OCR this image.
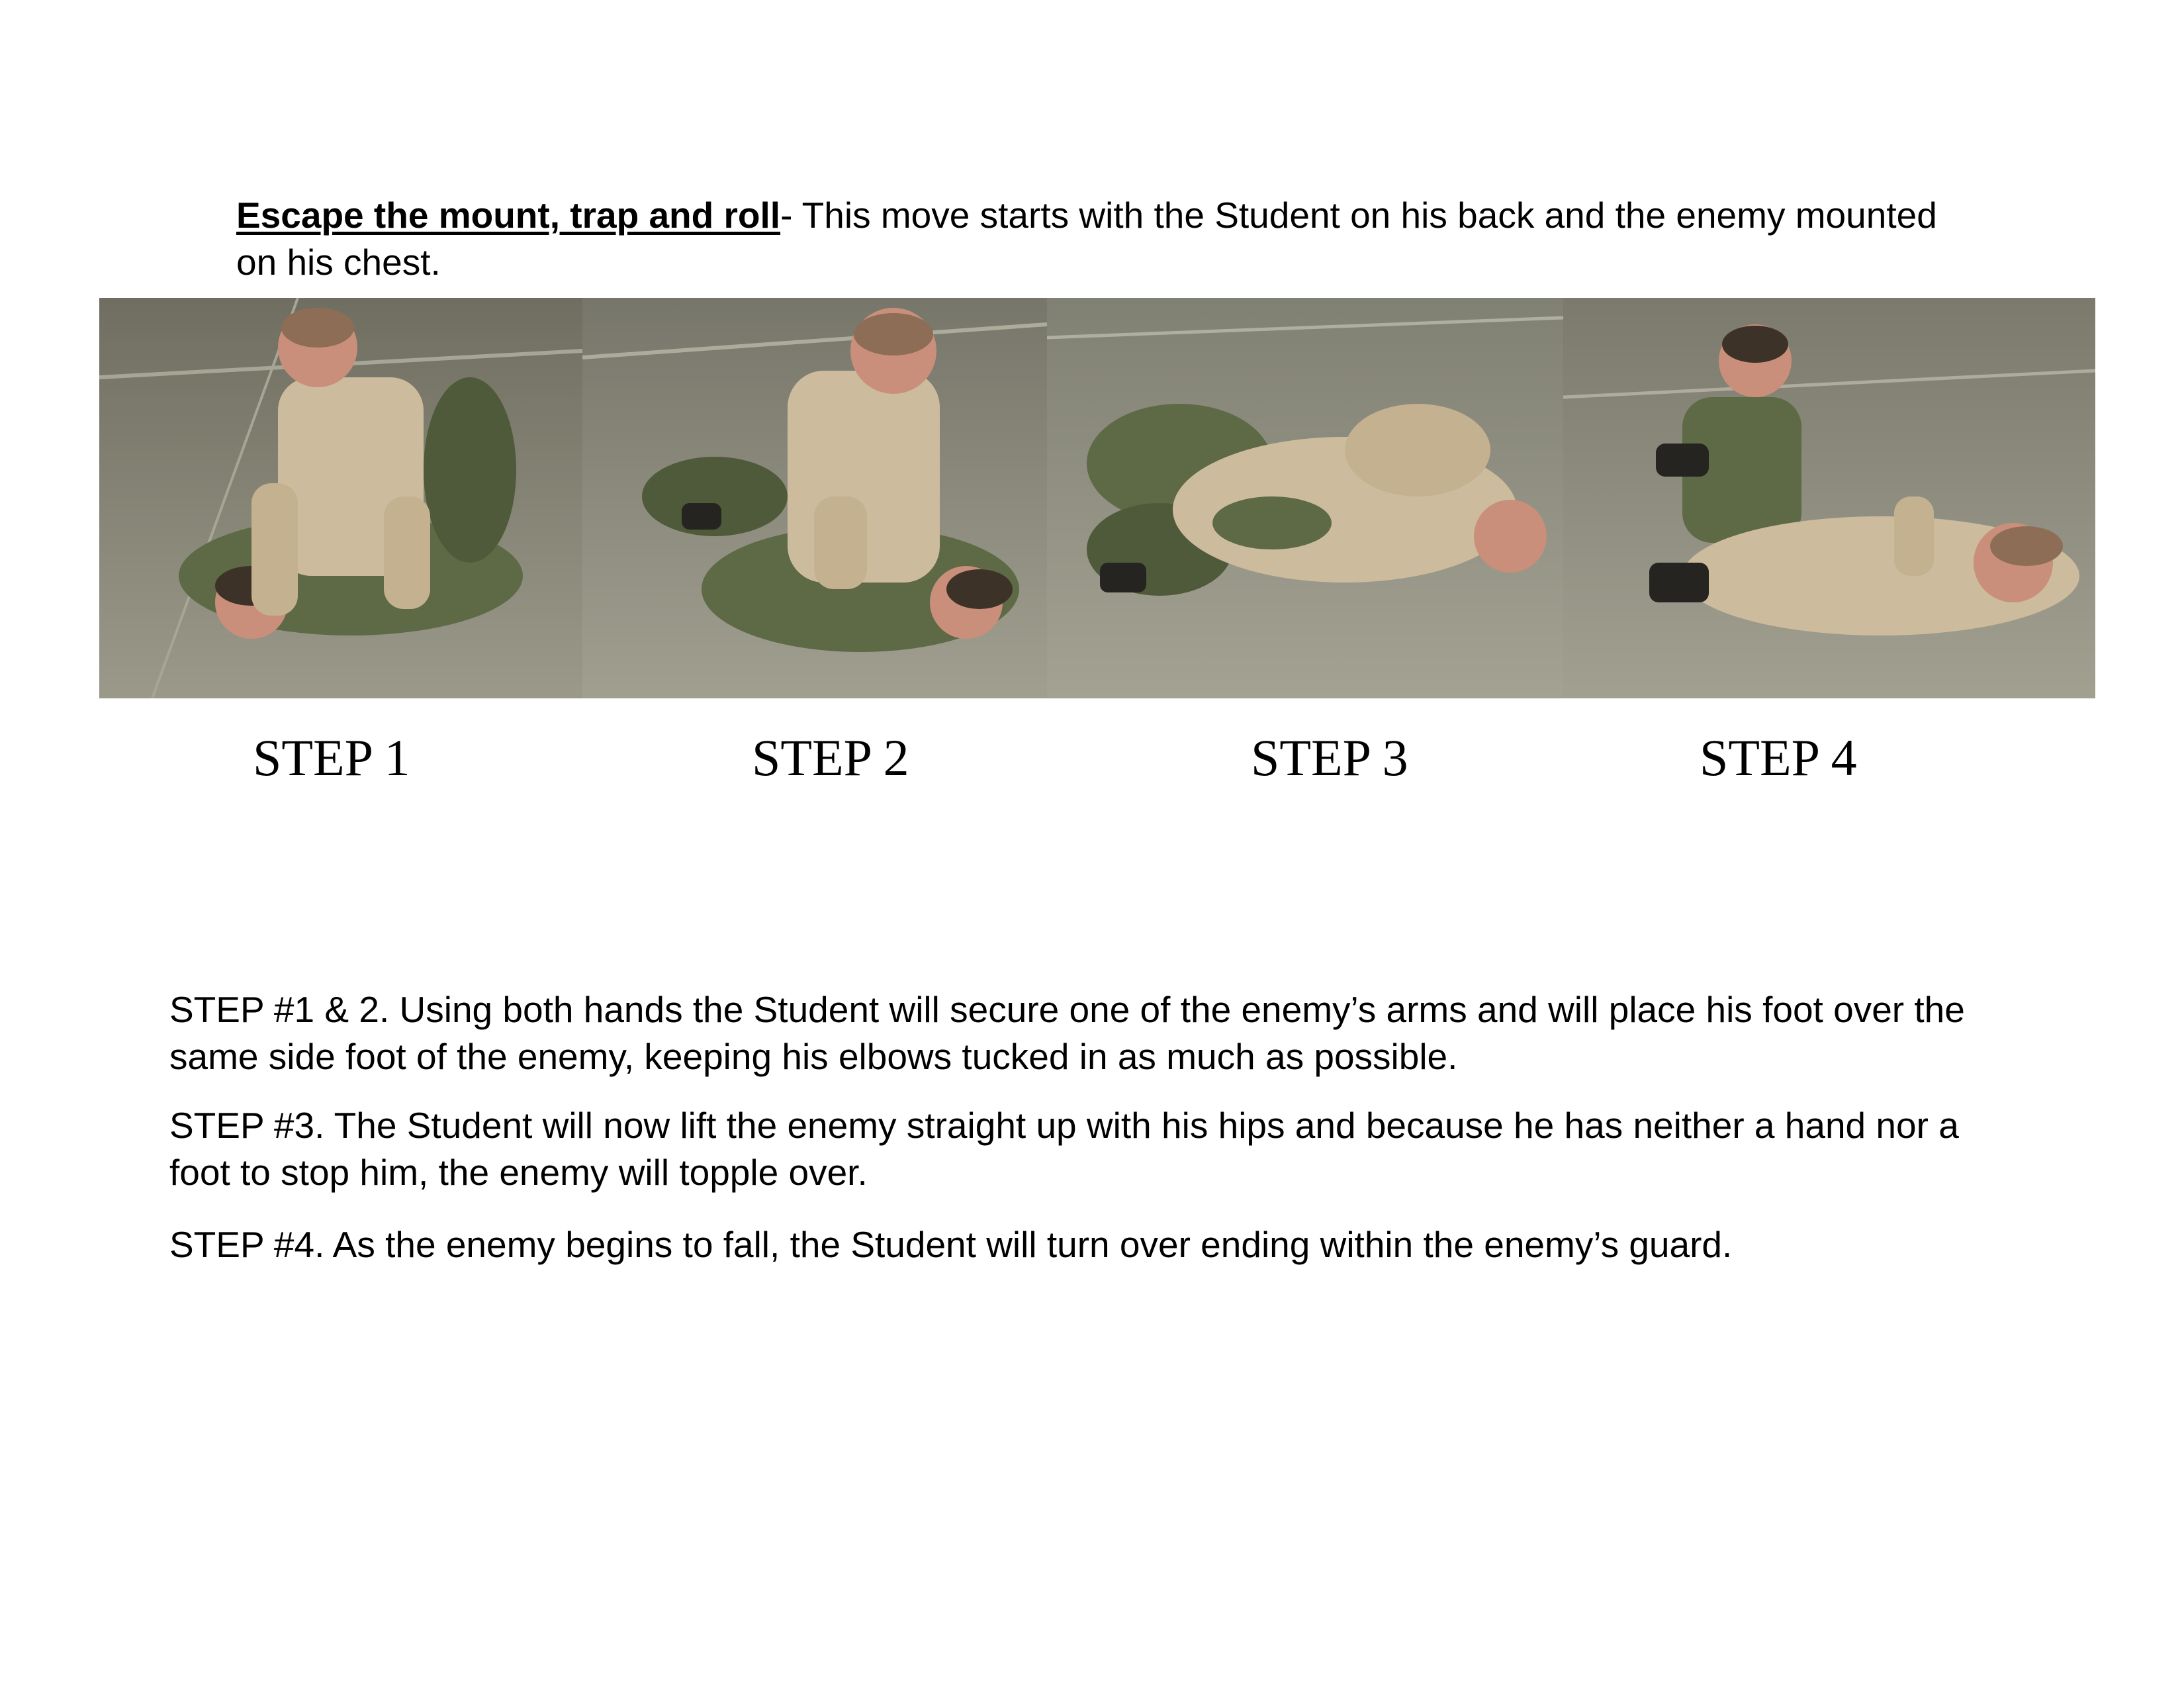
Escape the mount, trap and roll- This move starts with the Student on his back and the enemy mounted on his chest.
STEP 1	STEP 2	STEP 3	STEP 4
STEP #1 & 2. Using both hands the Student will secure one of the enemy’s arms and will place his foot over the same side foot of the enemy, keeping his elbows tucked in as much as possible.
STEP #3. The Student will now lift the enemy straight up with his hips and because he has neither a hand nor a foot to stop him, the enemy will topple over.
STEP #4. As the enemy begins to fall, the Student will turn over ending within the enemy’s guard.
